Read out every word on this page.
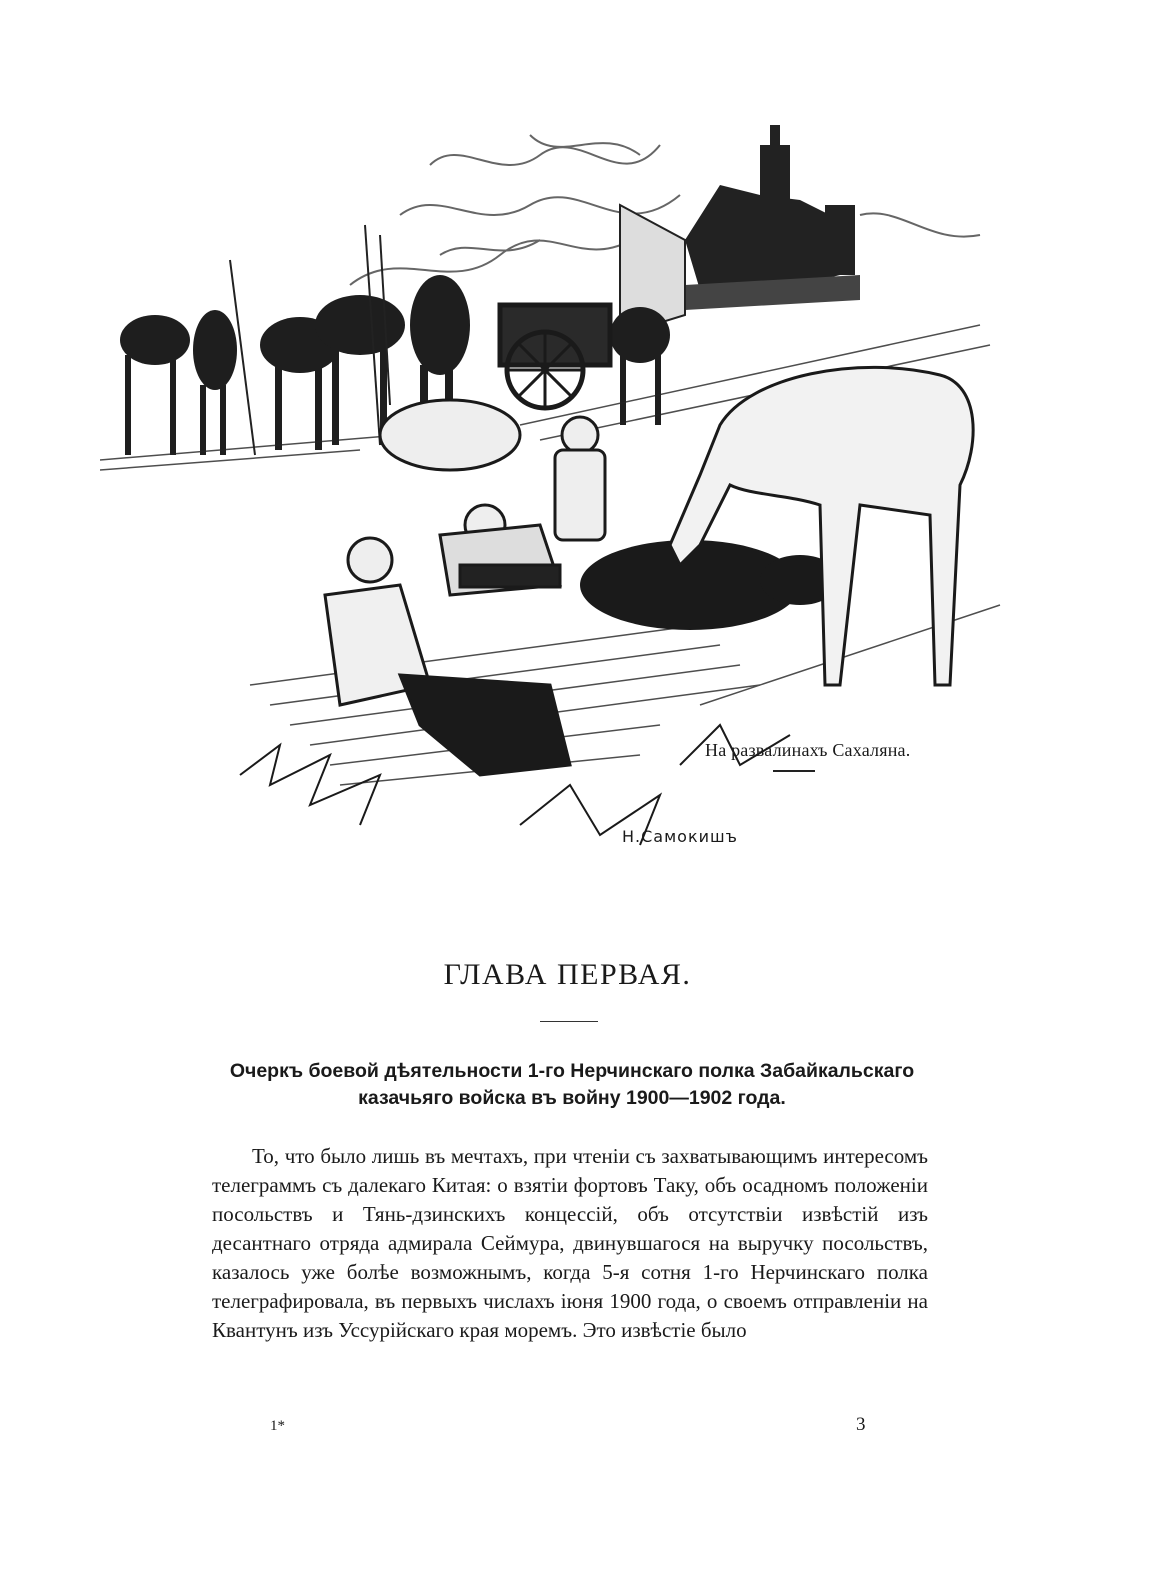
На развалинахъ Сахаляна.
Н.Самокишъ
ГЛАВА ПЕРВАЯ.
Очеркъ боевой дѣятельности 1-го Нерчинскаго полка Забайкальскаго казачьяго войска въ войну 1900—1902 года.

То, что было лишь въ мечтахъ, при чтенiи съ захватывающимъ интересомъ телеграммъ съ далекаго Китая: о взятiи фортовъ Таку, объ осадномъ положенiи посольствъ и Тянь-дзинскихъ концессiй, объ отсутствiи извѣстiй изъ десантнаго отряда адмирала Сеймура, двинувшагося на выручку посольствъ, казалось уже болѣе возможнымъ, когда 5-я сотня 1-го Нерчинскаго полка телеграфировала, въ первыхъ числахъ iюня 1900 года, о своемъ отправленiи на Квантунъ изъ Уссурiйскаго края моремъ. Это извѣстiе было

1*	3
